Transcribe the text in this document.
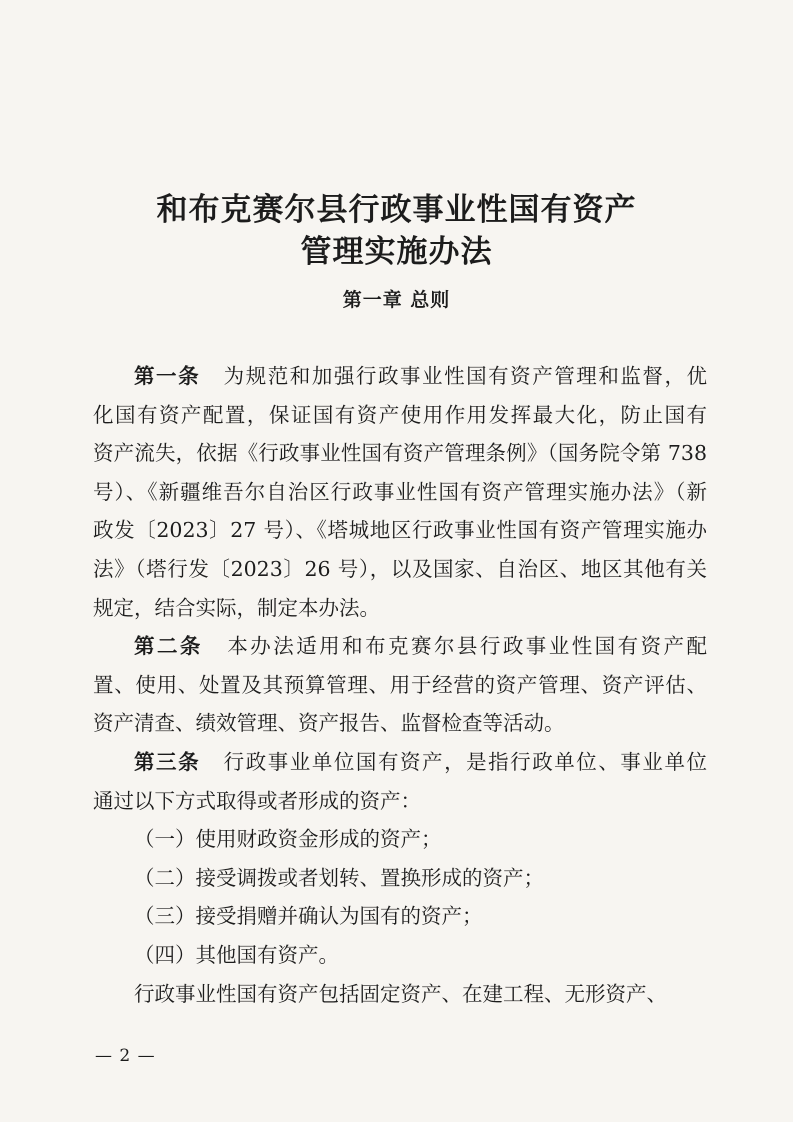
和布克赛尔县行政事业性国有资产
管理实施办法
第一章 总则
第一条 为规范和加强行政事业性国有资产管理和监督，优
化国有资产配置，保证国有资产使用作用发挥最大化，防止国有
资产流失，依据《行政事业性国有资产管理条例》（国务院令第 738
号）、《新疆维吾尔自治区行政事业性国有资产管理实施办法》（新
政发〔2023〕27 号）、《塔城地区行政事业性国有资产管理实施办
法》（塔行发〔2023〕26 号），以及国家、自治区、地区其他有关
规定，结合实际，制定本办法。
第二条 本办法适用和布克赛尔县行政事业性国有资产配
置、使用、处置及其预算管理、用于经营的资产管理、资产评估、
资产清查、绩效管理、资产报告、监督检查等活动。
第三条 行政事业单位国有资产，是指行政单位、事业单位
通过以下方式取得或者形成的资产：
（一）使用财政资金形成的资产；
（二）接受调拨或者划转、置换形成的资产；
（三）接受捐赠并确认为国有的资产；
（四）其他国有资产。
行政事业性国有资产包括固定资产、在建工程、无形资产、
— 2 —
